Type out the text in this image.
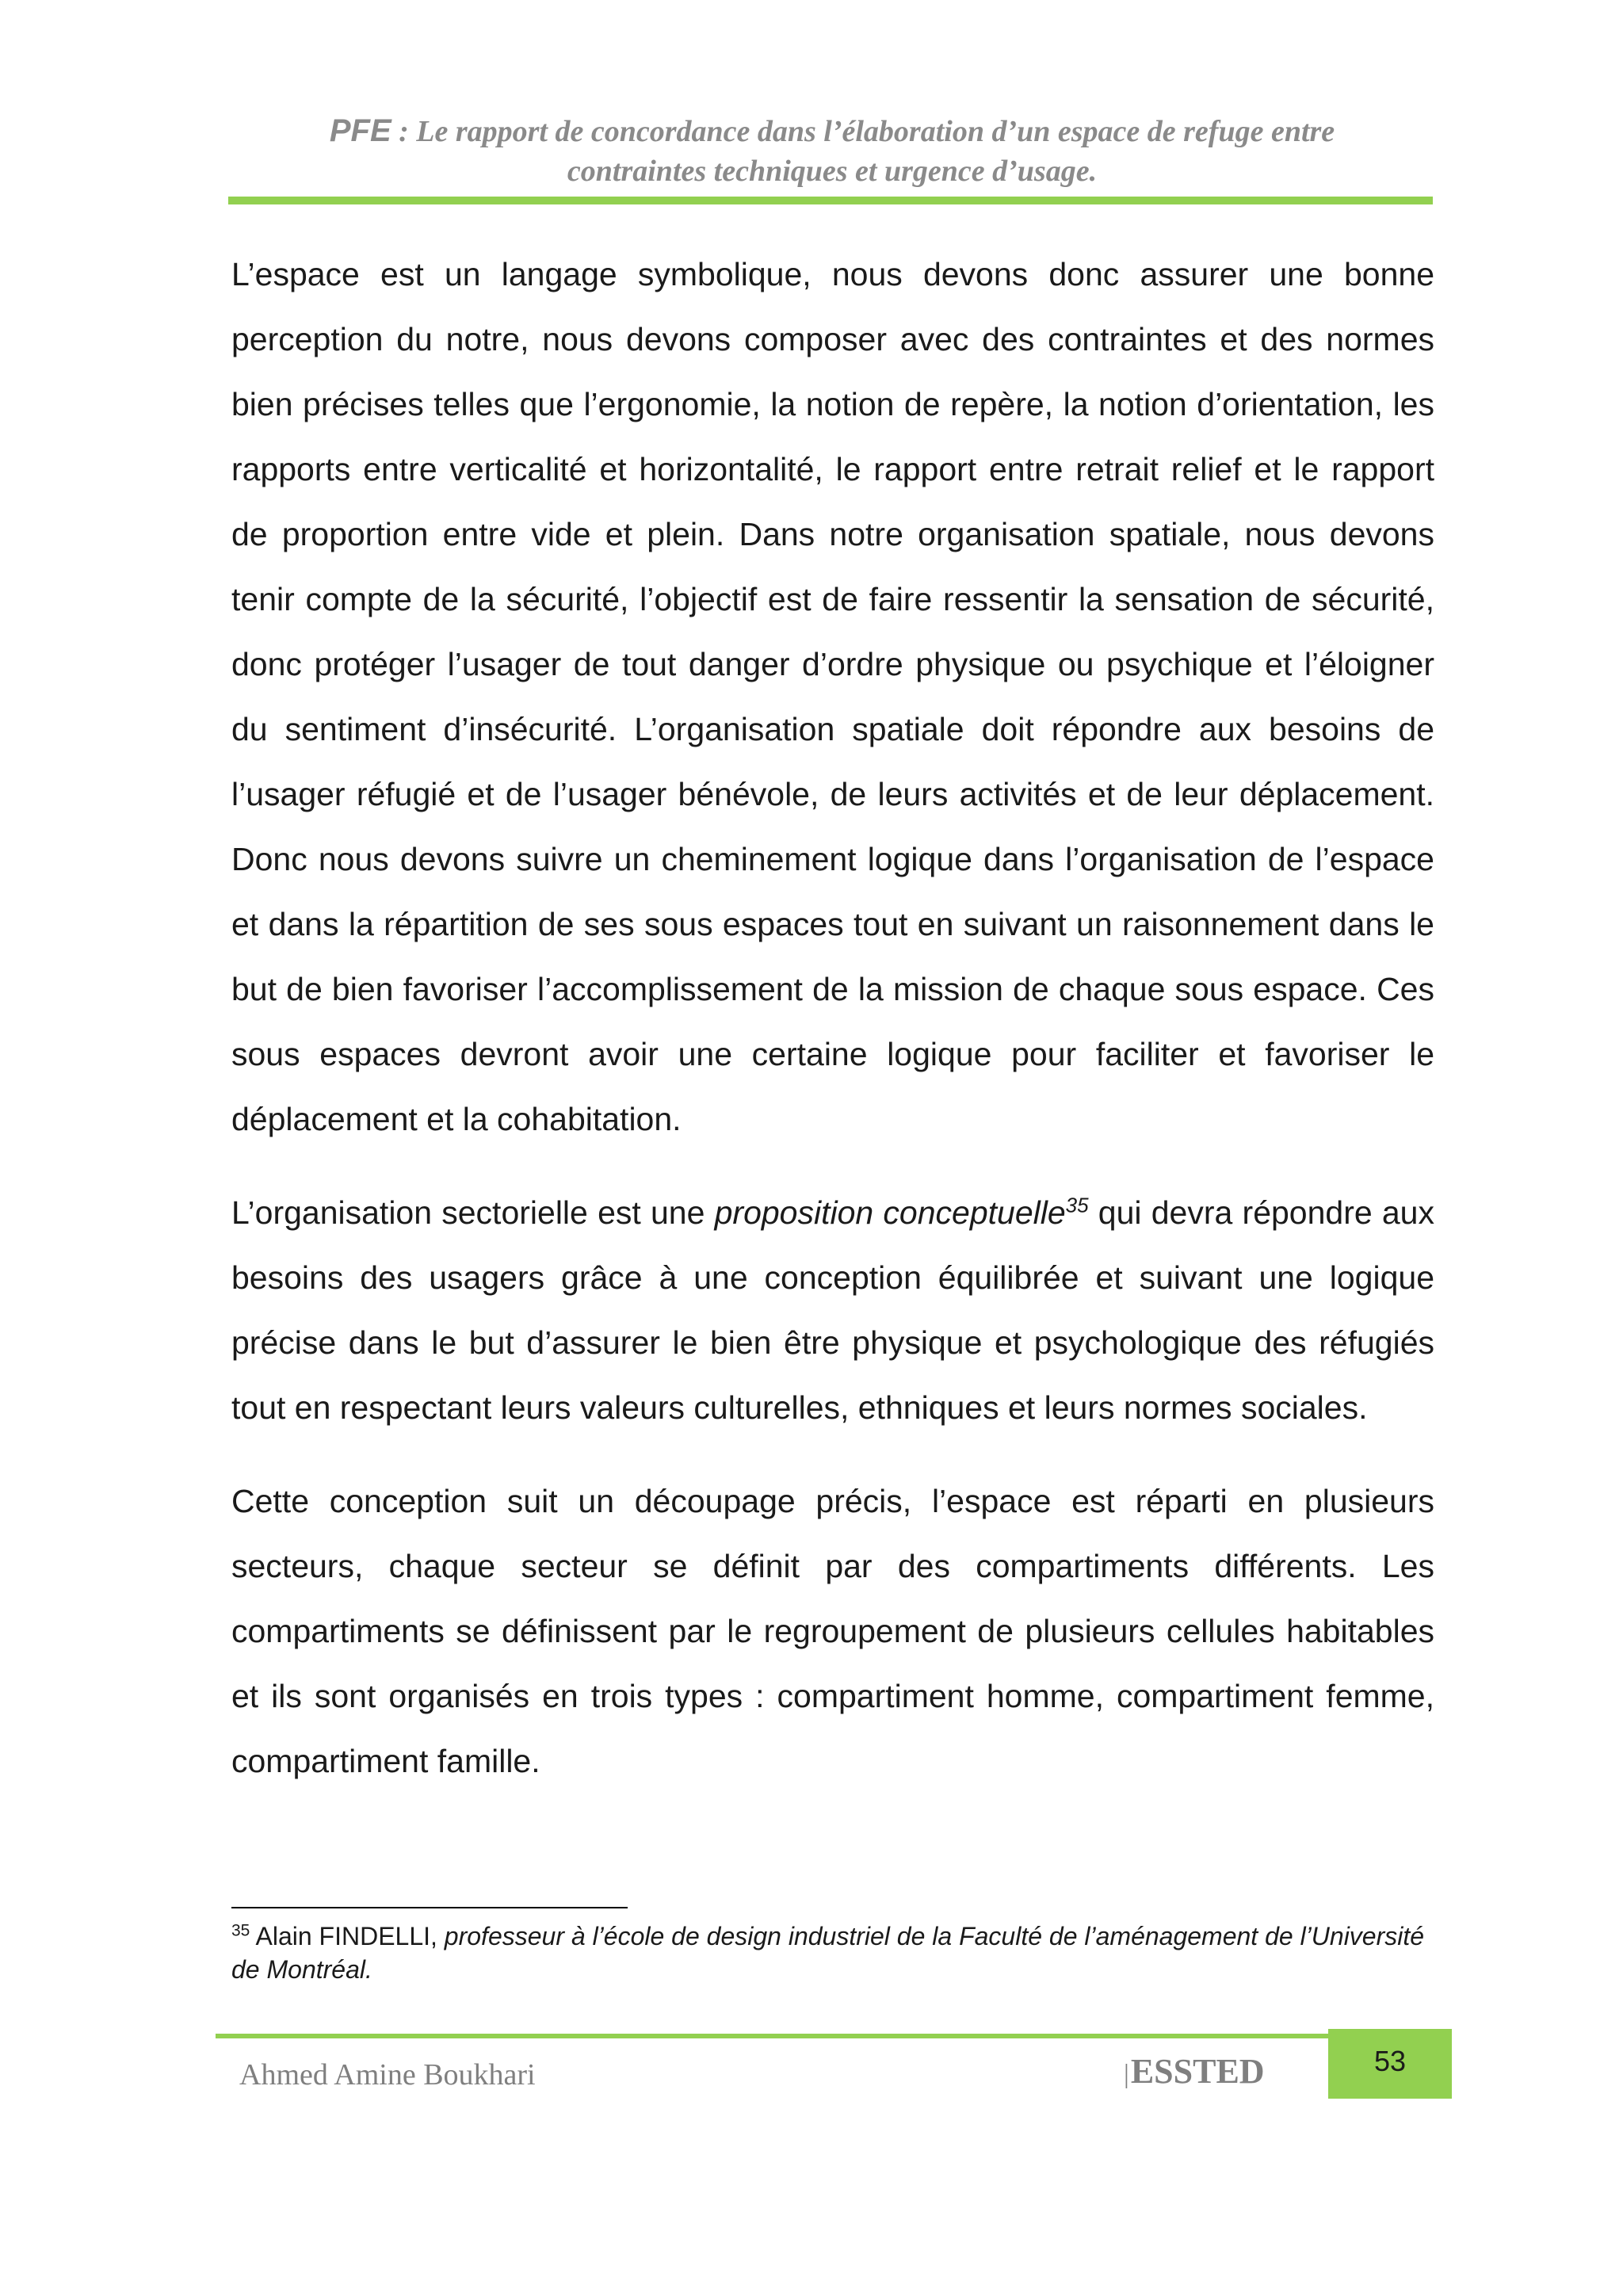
PFE : Le rapport de concordance dans l’élaboration d’un espace de refuge entre
contraintes techniques et urgence d’usage.

L’espace est un langage symbolique, nous devons donc assurer une bonne perception du notre, nous devons composer avec des contraintes et des normes bien précises telles que l’ergonomie, la notion de repère, la notion d’orientation, les rapports entre verticalité et horizontalité, le rapport entre retrait relief et le rapport de proportion entre vide et plein. Dans notre organisation spatiale, nous devons tenir compte de la sécurité, l’objectif est de faire ressentir la sensation de sécurité, donc protéger l’usager de tout danger d’ordre physique ou psychique et l’éloigner du sentiment d’insécurité. L’organisation spatiale doit répondre aux besoins de l’usager réfugié et de l’usager bénévole, de leurs activités et de leur déplacement. Donc nous devons suivre un cheminement logique dans l’organisation de l’espace et dans la répartition de ses sous espaces tout en suivant un raisonnement dans le but de bien favoriser l’accomplissement de la mission de chaque sous espace. Ces sous espaces devront avoir une certaine logique pour faciliter et favoriser le déplacement et la cohabitation.

L’organisation sectorielle est une proposition conceptuelle$^{35}$ qui devra répondre aux besoins des usagers grâce à une conception équilibrée et suivant une logique précise dans le but d’assurer le bien être physique et psychologique des réfugiés tout en respectant leurs valeurs culturelles, ethniques et leurs normes sociales.

Cette conception suit un découpage précis, l’espace est réparti en plusieurs secteurs, chaque secteur se définit par des compartiments différents. Les compartiments se définissent par le regroupement de plusieurs cellules habitables et ils sont organisés en trois types : compartiment homme, compartiment femme, compartiment famille.

$^{35}$ Alain FINDELLI, professeur à l’école de design industriel de la Faculté de l’aménagement de l’Université de Montréal.
Ahmed Amine Boukhari	|ESSTED	53
